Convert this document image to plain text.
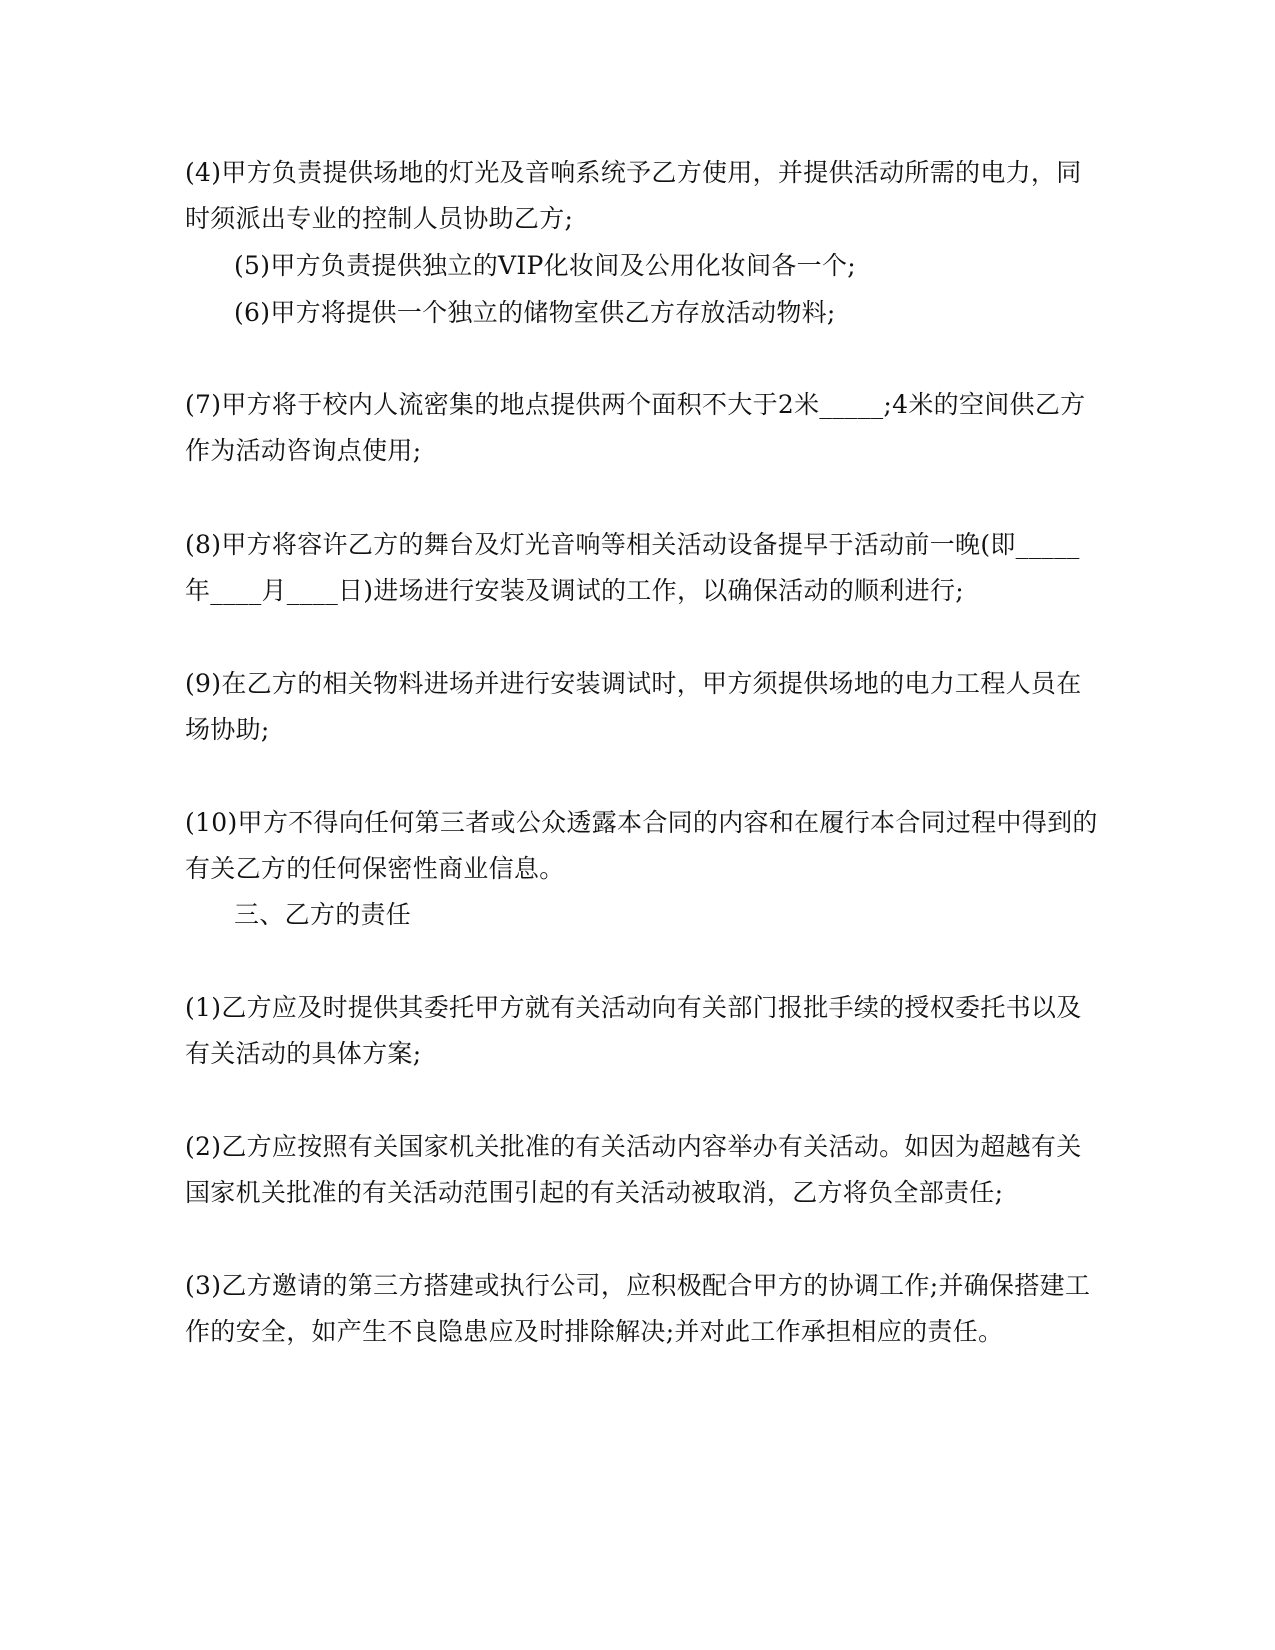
(4)甲方负责提供场地的灯光及音响系统予乙方使用，并提供活动所需的电力，同

时须派出专业的控制人员协助乙方;

(5)甲方负责提供独立的VIP化妆间及公用化妆间各一个;

(6)甲方将提供一个独立的储物室供乙方存放活动物料;

(7)甲方将于校内人流密集的地点提供两个面积不大于2米_____;4米的空间供乙方

作为活动咨询点使用;

(8)甲方将容许乙方的舞台及灯光音响等相关活动设备提早于活动前一晚(即_____

年____月____日)进场进行安装及调试的工作，以确保活动的顺利进行;

(9)在乙方的相关物料进场并进行安装调试时，甲方须提供场地的电力工程人员在

场协助;

(10)甲方不得向任何第三者或公众透露本合同的内容和在履行本合同过程中得到的

有关乙方的任何保密性商业信息。

三、乙方的责任

(1)乙方应及时提供其委托甲方就有关活动向有关部门报批手续的授权委托书以及

有关活动的具体方案;

(2)乙方应按照有关国家机关批准的有关活动内容举办有关活动。如因为超越有关

国家机关批准的有关活动范围引起的有关活动被取消，乙方将负全部责任;

(3)乙方邀请的第三方搭建或执行公司，应积极配合甲方的协调工作;并确保搭建工

作的安全，如产生不良隐患应及时排除解决;并对此工作承担相应的责任。
